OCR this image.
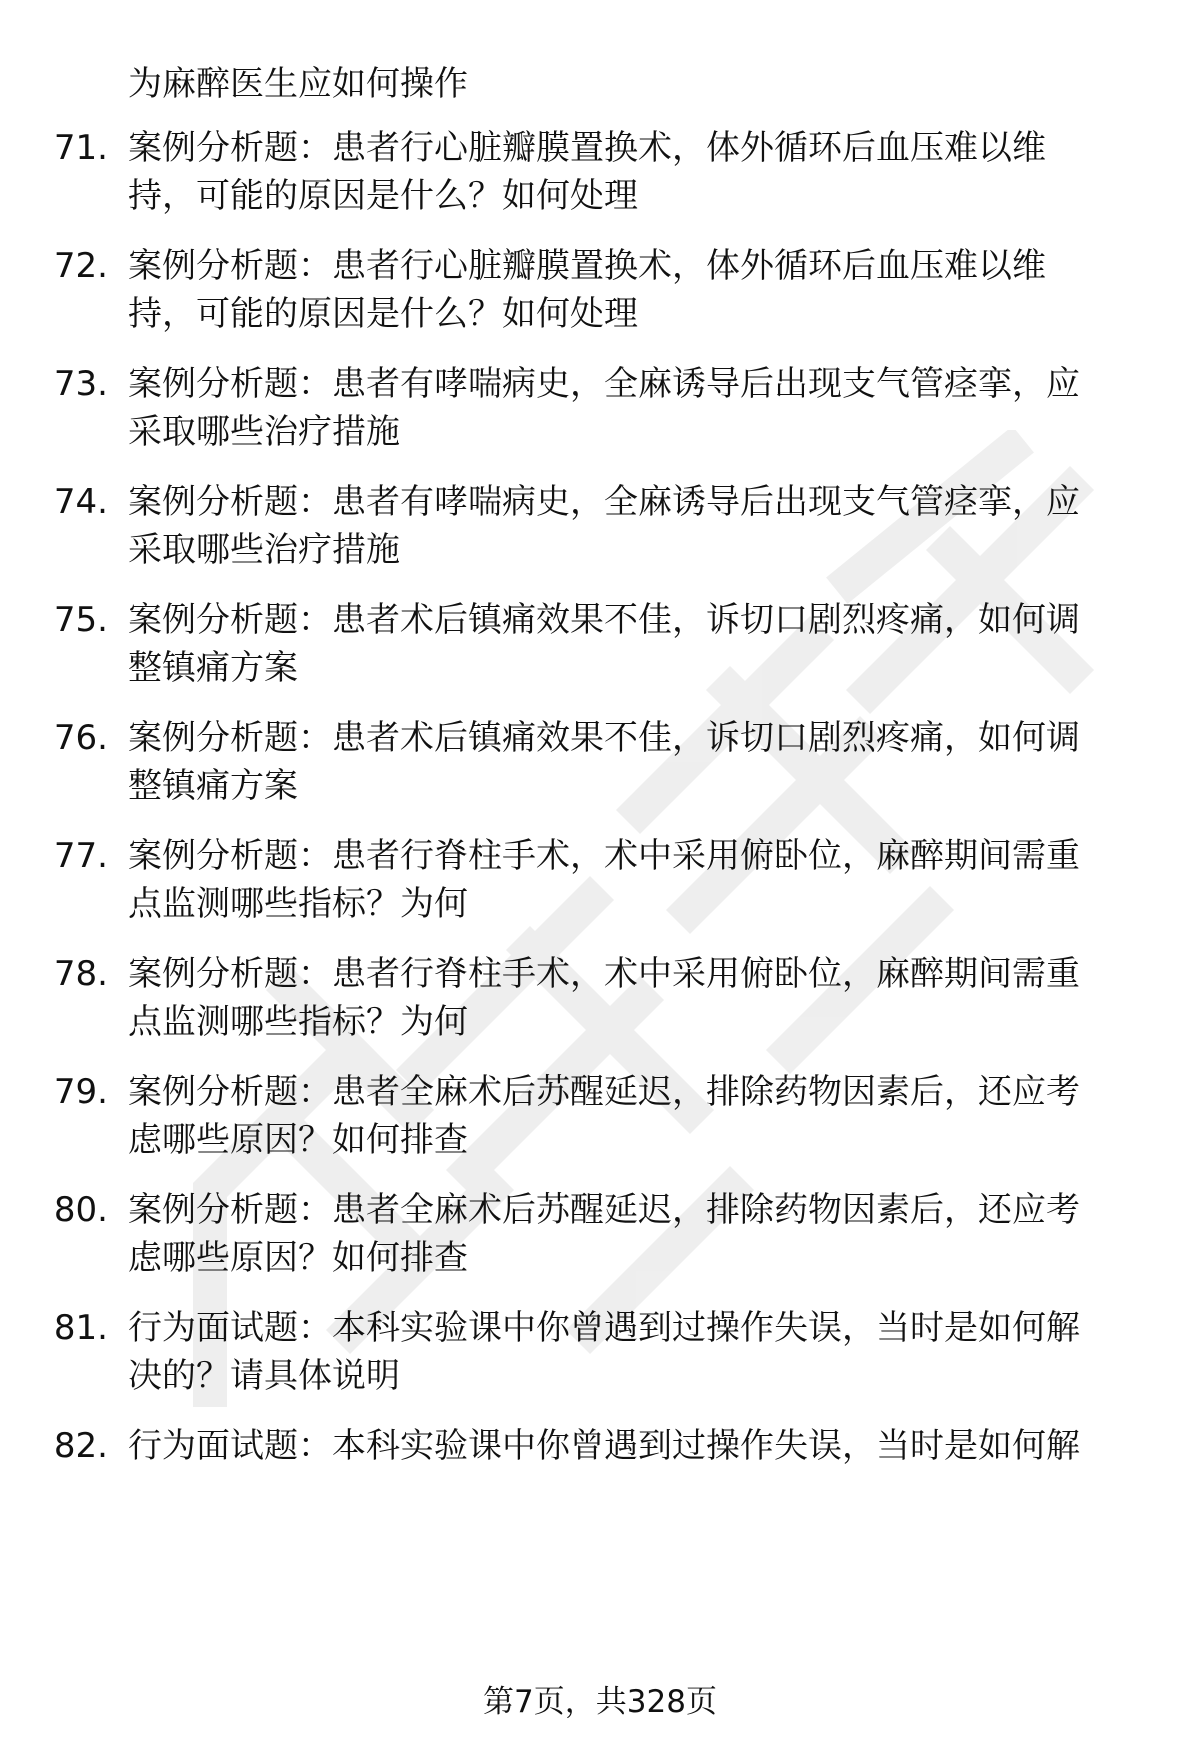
为麻醉医生应如何操作
71. 案例分析题：患者行心脏瓣膜置换术，体外循环后血压难以维
持，可能的原因是什么？如何处理
72. 案例分析题：患者行心脏瓣膜置换术，体外循环后血压难以维
持，可能的原因是什么？如何处理
73. 案例分析题：患者有哮喘病史，全麻诱导后出现支气管痉挛，应
采取哪些治疗措施
74. 案例分析题：患者有哮喘病史，全麻诱导后出现支气管痉挛，应
采取哪些治疗措施
75. 案例分析题：患者术后镇痛效果不佳，诉切口剧烈疼痛，如何调
整镇痛方案
76. 案例分析题：患者术后镇痛效果不佳，诉切口剧烈疼痛，如何调
整镇痛方案
77. 案例分析题：患者行脊柱手术，术中采用俯卧位，麻醉期间需重
点监测哪些指标？为何
78. 案例分析题：患者行脊柱手术，术中采用俯卧位，麻醉期间需重
点监测哪些指标？为何
79. 案例分析题：患者全麻术后苏醒延迟，排除药物因素后，还应考
虑哪些原因？如何排查
80. 案例分析题：患者全麻术后苏醒延迟，排除药物因素后，还应考
虑哪些原因？如何排查
81. 行为面试题：本科实验课中你曾遇到过操作失误，当时是如何解
决的？请具体说明
82. 行为面试题：本科实验课中你曾遇到过操作失误，当时是如何解
第7页，共328页
